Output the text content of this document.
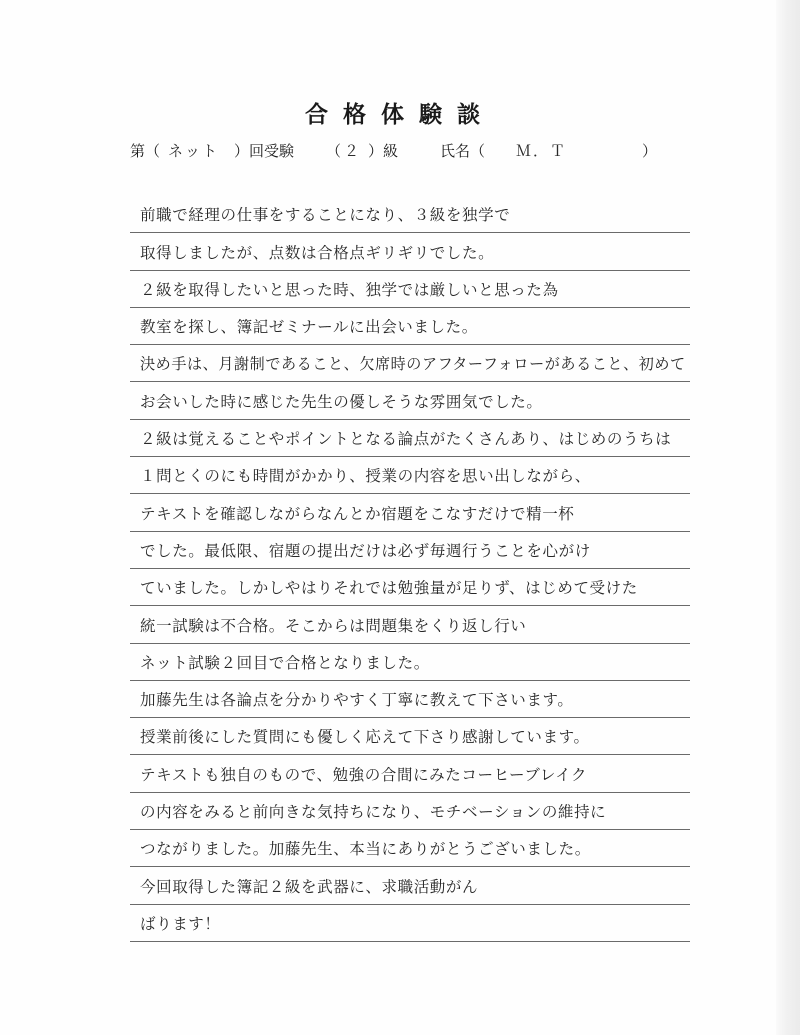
合格体験談
第（ ネット ）回受験 （ ２ ）級	氏名（ Ｍ．Ｔ	）
前職で経理の仕事をすることになり、３級を独学で
取得しましたが、点数は合格点ギリギリでした。
２級を取得したいと思った時、独学では厳しいと思った為
教室を探し、簿記ゼミナールに出会いました。
決め手は、月謝制であること、欠席時のアフターフォローがあること、初めて
お会いした時に感じた先生の優しそうな雰囲気でした。
２級は覚えることやポイントとなる論点がたくさんあり、はじめのうちは
１問とくのにも時間がかかり、授業の内容を思い出しながら、
テキストを確認しながらなんとか宿題をこなすだけで精一杯
でした。最低限、宿題の提出だけは必ず毎週行うことを心がけ
ていました。しかしやはりそれでは勉強量が足りず、はじめて受けた
統一試験は不合格。そこからは問題集をくり返し行い
ネット試験２回目で合格となりました。
加藤先生は各論点を分かりやすく丁寧に教えて下さいます。
授業前後にした質問にも優しく応えて下さり感謝しています。
テキストも独自のもので、勉強の合間にみたコーヒーブレイク
の内容をみると前向きな気持ちになり、モチベーションの維持に
つながりました。加藤先生、本当にありがとうございました。
今回取得した簿記２級を武器に、求職活動がん
ばります！
